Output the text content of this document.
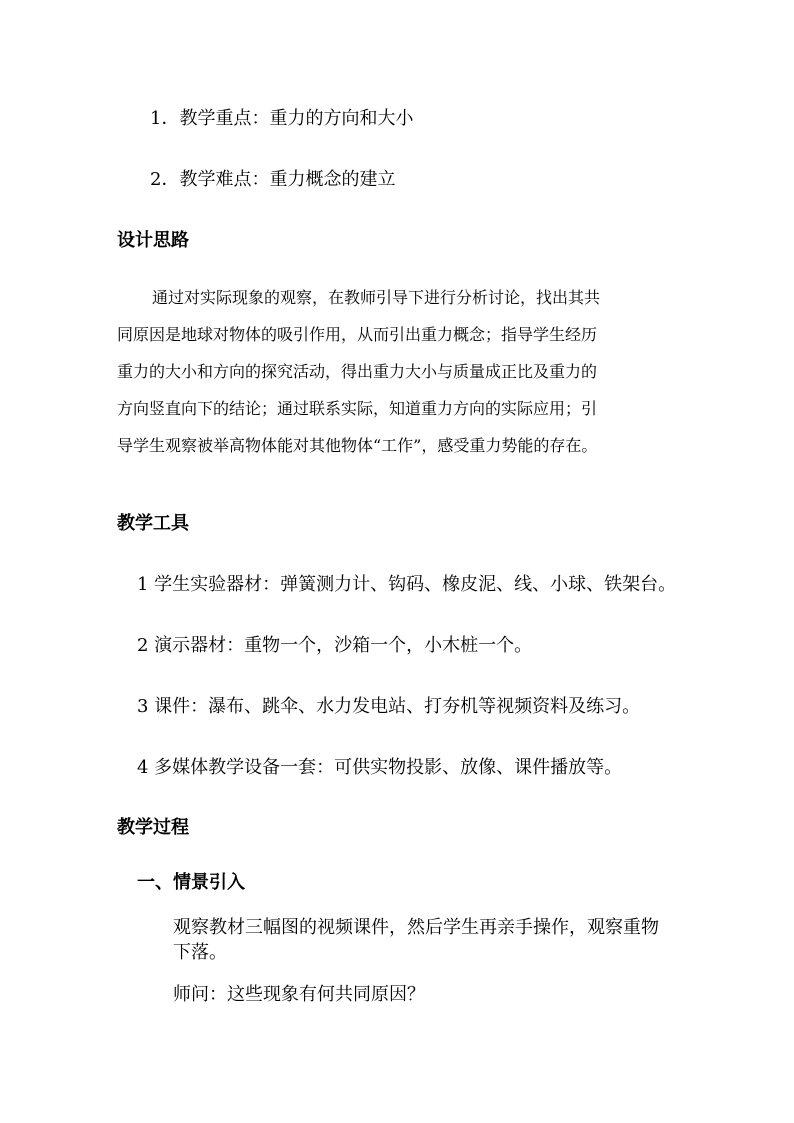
1．教学重点：重力的方向和大小
2．教学难点：重力概念的建立
设计思路
通过对实际现象的观察，在教师引导下进行分析讨论，找出其共
同原因是地球对物体的吸引作用，从而引出重力概念；指导学生经历
重力的大小和方向的探究活动，得出重力大小与质量成正比及重力的
方向竖直向下的结论；通过联系实际，知道重力方向的实际应用；引
导学生观察被举高物体能对其他物体“工作”，感受重力势能的存在。
教学工具
1 学生实验器材：弹簧测力计、钩码、橡皮泥、线、小球、铁架台。
2 演示器材：重物一个，沙箱一个，小木桩一个。
3 课件：瀑布、跳伞、水力发电站、打夯机等视频资料及练习。
4 多媒体教学设备一套：可供实物投影、放像、课件播放等。
教学过程
一、情景引入
观察教材三幅图的视频课件，然后学生再亲手操作，观察重物
下落。
师问：这些现象有何共同原因？
